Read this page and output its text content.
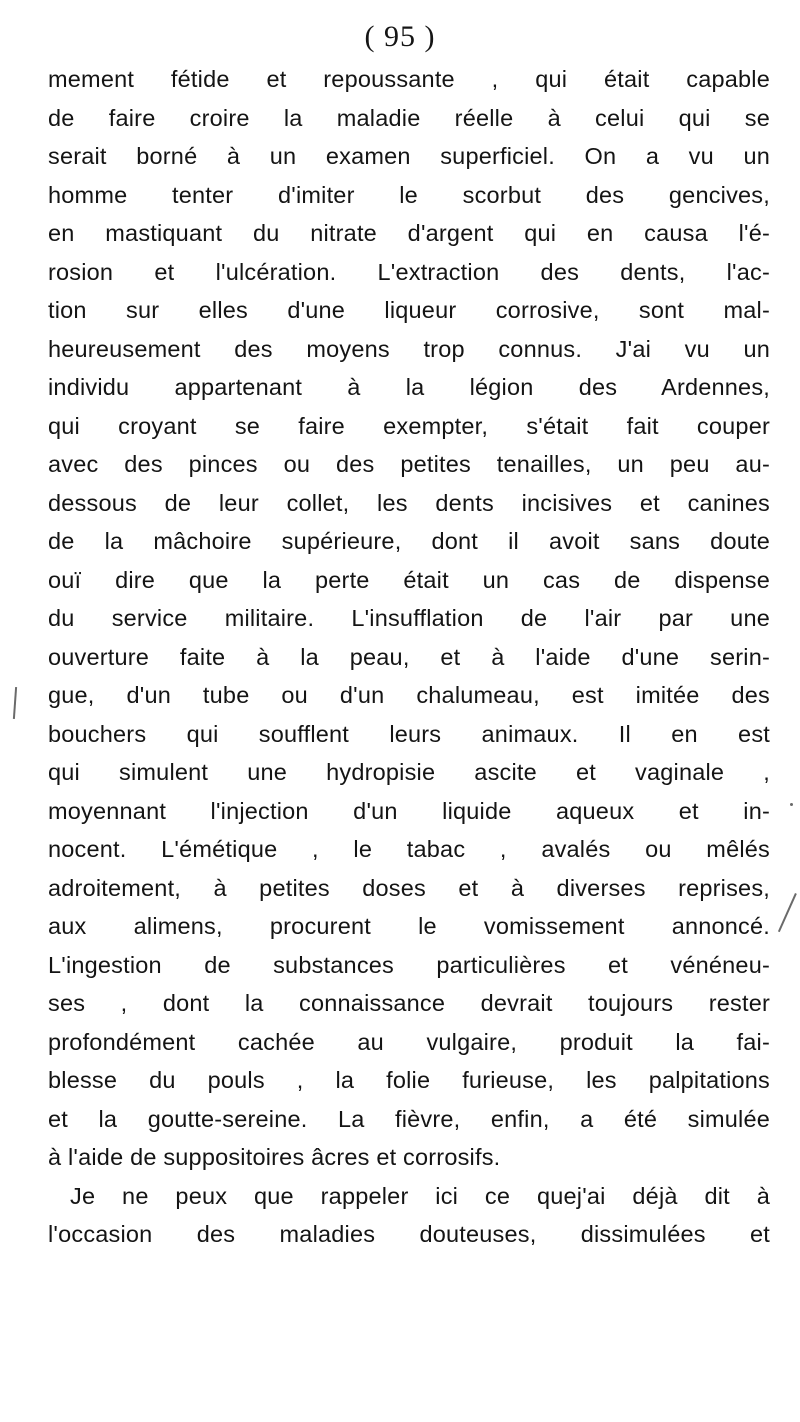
( 95 )
mement fétide et repoussante , qui était capable
de faire croire la maladie réelle à celui qui se
serait borné à un examen superficiel. On a vu un
homme tenter d'imiter le scorbut des gencives,
en mastiquant du nitrate d'argent qui en causa l'é-
rosion et l'ulcération. L'extraction des dents, l'ac-
tion sur elles d'une liqueur corrosive, sont mal-
heureusement des moyens trop connus. J'ai vu un
individu appartenant à la légion des Ardennes,
qui croyant se faire exempter, s'était fait couper
avec des pinces ou des petites tenailles, un peu au-
dessous de leur collet, les dents incisives et canines
de la mâchoire supérieure, dont il avoit sans doute
ouï dire que la perte était un cas de dispense
du service militaire. L'insufflation de l'air par une
ouverture faite à la peau, et à l'aide d'une serin-
gue, d'un tube ou d'un chalumeau, est imitée des
bouchers qui soufflent leurs animaux. Il en est
qui simulent une hydropisie ascite et vaginale ,
moyennant l'injection d'un liquide aqueux et in-
nocent. L'émétique , le tabac , avalés ou mêlés
adroitement, à petites doses et à diverses reprises,
aux alimens, procurent le vomissement annoncé.
L'ingestion de substances particulières et vénéneu-
ses , dont la connaissance devrait toujours rester
profondément cachée au vulgaire, produit la fai-
blesse du pouls , la folie furieuse, les palpitations
et la goutte-sereine. La fièvre, enfin, a été simulée
à l'aide de suppositoires âcres et corrosifs.
Je ne peux que rappeler ici ce quej'ai déjà dit à
l'occasion des maladies douteuses, dissimulées et
